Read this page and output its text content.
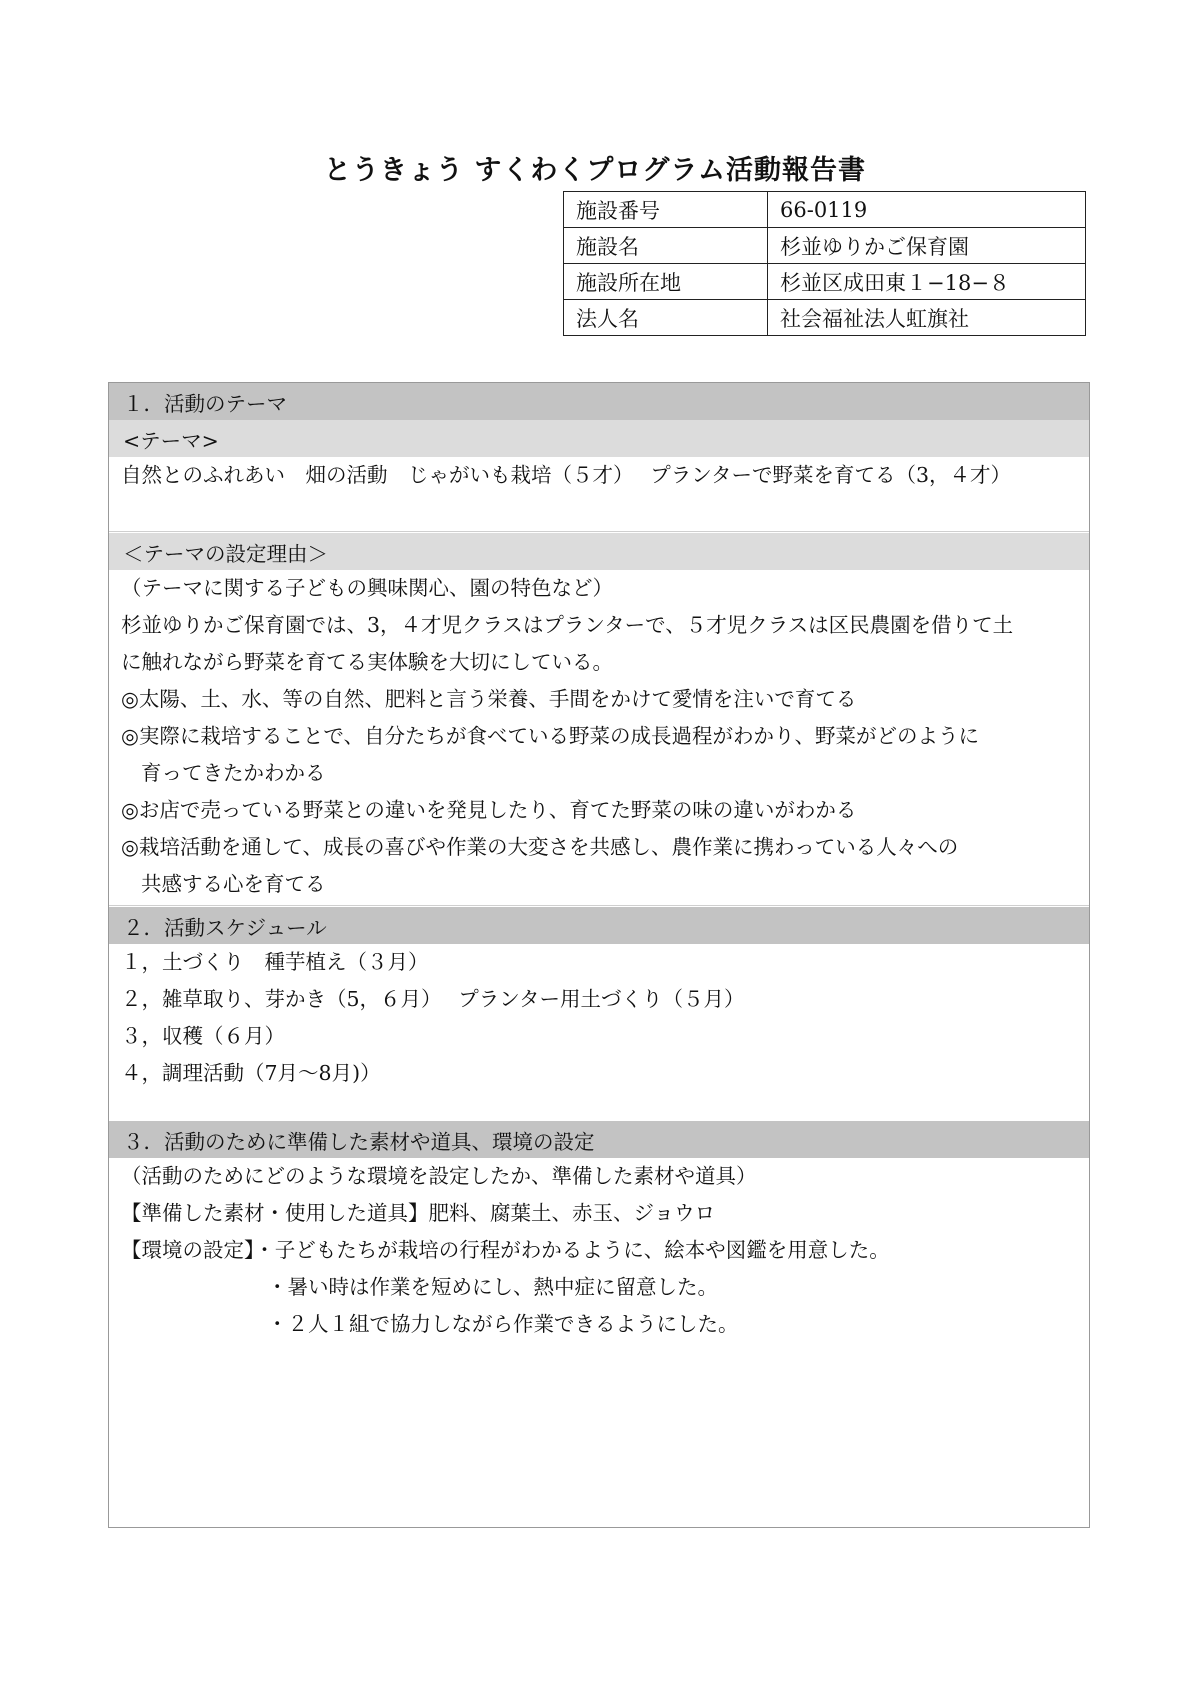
とうきょう すくわくプログラム活動報告書
施設番号	66-0119
施設名	杉並ゆりかご保育園
施設所在地	杉並区成田東１−18−８
法人名	社会福祉法人虹旗社
１．活動のテーマ
<テーマ>
自然とのふれあい　畑の活動　じゃがいも栽培（５才）　 プランターで野菜を育てる（3，４才）
＜テーマの設定理由＞
（テーマに関する子どもの興味関心、園の特色など）
杉並ゆりかご保育園では、3，４才児クラスはプランターで、５才児クラスは区民農園を借りて土
に触れながら野菜を育てる実体験を大切にしている。
◎太陽、土、水、等の自然、肥料と言う栄養、手間をかけて愛情を注いで育てる
◎実際に栽培することで、自分たちが食べている野菜の成長過程がわかり、野菜がどのように
育ってきたかわかる
◎お店で売っている野菜との違いを発見したり、育てた野菜の味の違いがわかる
◎栽培活動を通して、成長の喜びや作業の大変さを共感し、農作業に携わっている人々への
共感する心を育てる
２．活動スケジュール
１，土づくり　種芋植え（３月）
２，雑草取り、芽かき（5，６月）　 プランター用土づくり（５月）
３，収穫（６月）
４，調理活動（7月〜8月)）
３．活動のために準備した素材や道具、環境の設定
（活動のためにどのような環境を設定したか、準備した素材や道具）
【準備した素材・使用した道具】肥料、腐葉土、赤玉、ジョウロ
【環境の設定】・子どもたちが栽培の行程がわかるように、絵本や図鑑を用意した。
・暑い時は作業を短めにし、熱中症に留意した。
・２人１組で協力しながら作業できるようにした。
